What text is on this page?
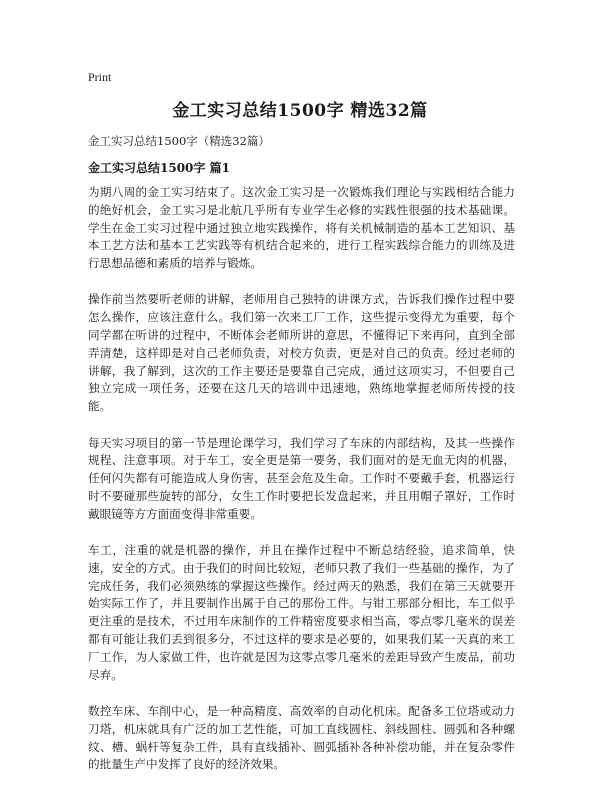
Print
金工实习总结1500字 精选32篇
金工实习总结1500字（精选32篇）
金工实习总结1500字 篇1

为期八周的金工实习结束了。这次金工实习是一次锻炼我们理论与实践相结合能力的绝好机会，金工实习是北航几乎所有专业学生必修的实践性很强的技术基础课。学生在金工实习过程中通过独立地实践操作，将有关机械制造的基本工艺知识、基本工艺方法和基本工艺实践等有机结合起来的，进行工程实践综合能力的训练及进行思想品德和素质的培养与锻炼。

操作前当然要听老师的讲解，老师用自己独特的讲课方式，告诉我们操作过程中要怎么操作，应该注意什么。我们第一次来工厂工作，这些提示变得尤为重要，每个同学都在听讲的过程中，不断体会老师所讲的意思，不懂得记下来再问，直到全部弄清楚，这样即是对自己老师负责，对校方负责，更是对自己的负责。经过老师的讲解，我了解到，这次的工作主要还是要靠自己完成，通过这项实习，不但要自己独立完成一项任务，还要在这几天的培训中迅速地，熟练地掌握老师所传授的技能。

每天实习项目的第一节是理论课学习，我们学习了车床的内部结构，及其一些操作规程、注意事项。对于车工，安全更是第一要务，我们面对的是无血无肉的机器，任何闪失都有可能造成人身伤害，甚至会危及生命。工作时不要戴手套，机器运行时不要碰那些旋转的部分，女生工作时要把长发盘起来，并且用帽子罩好，工作时戴眼镜等方方面面变得非常重要。

车工，注重的就是机器的操作，并且在操作过程中不断总结经验，追求简单，快速，安全的方式。由于我们的时间比较短，老师只教了我们一些基础的操作，为了完成任务，我们必须熟练的掌握这些操作。经过两天的熟悉，我们在第三天就要开始实际工作了，并且要制作出属于自己的那份工件。与钳工那部分相比，车工似乎更注重的是技术，不过用车床制作的工件精密度要求相当高，零点零几毫米的误差都有可能让我们丢到很多分，不过这样的要求是必要的，如果我们某一天真的来工厂工作，为人家做工件，也许就是因为这零点零几毫米的差距导致产生废品，前功尽弃。

数控车床、车削中心，是一种高精度、高效率的自动化机床。配备多工位塔或动力刀塔，机床就具有广泛的加工艺性能，可加工直线圆柱、斜线圆柱、圆弧和各种螺纹、槽、蜗杆等复杂工件，具有直线插补、圆弧插补各种补偿功能，并在复杂零件的批量生产中发挥了良好的经济效果。
